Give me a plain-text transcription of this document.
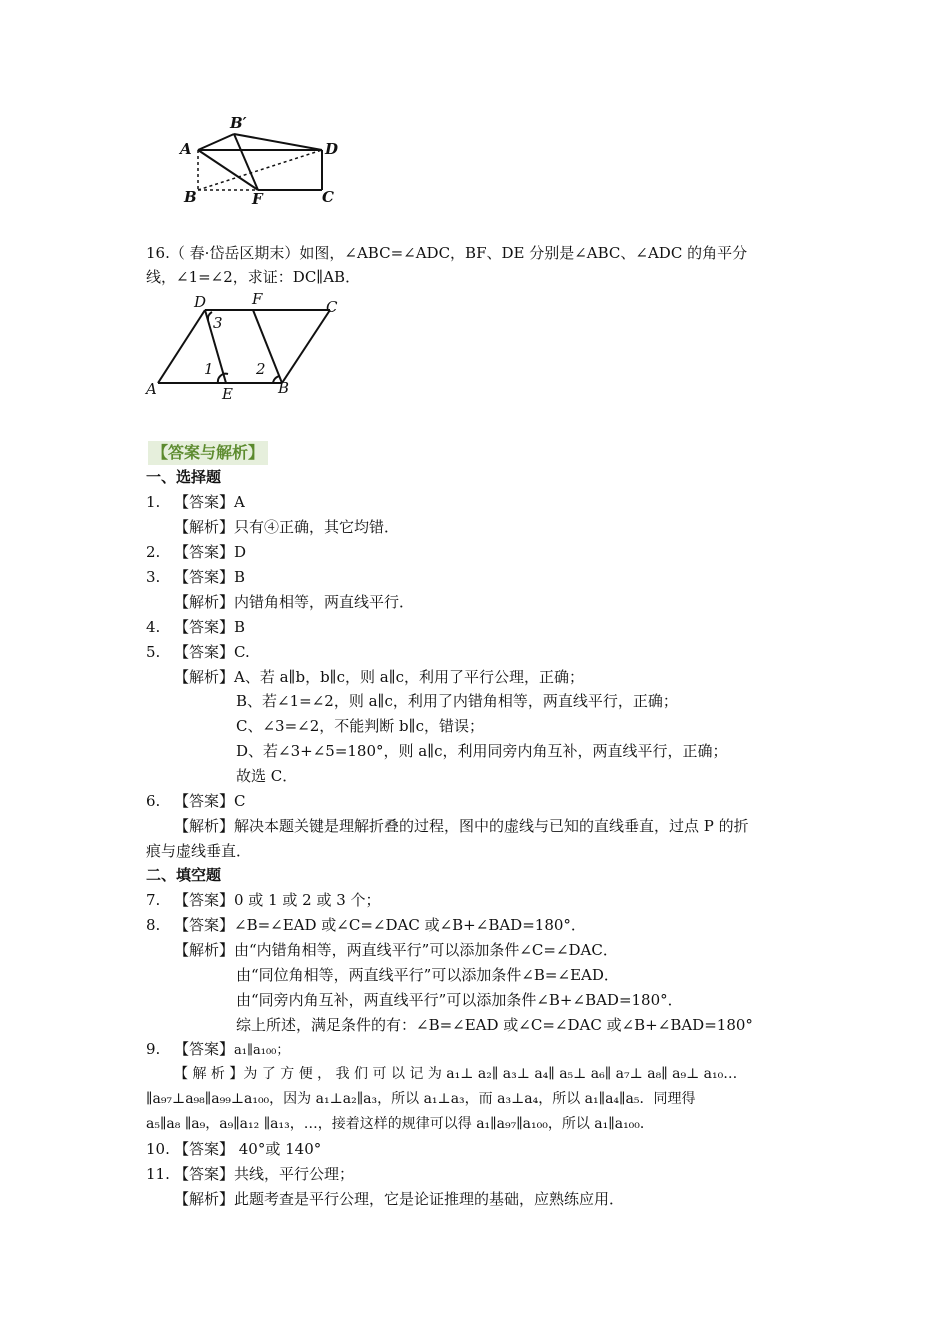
B′
A	D
B	F	C
16.（ 春·岱岳区期末）如图，∠ABC=∠ADC，BF、DE 分别是∠ABC、∠ADC 的角平分
线，∠1=∠2，求证：DC∥AB．
D	F	C
3
1	2
A	E	B
【答案与解析】
一、选择题
1. 【答案】A
【解析】只有④正确，其它均错．
2. 【答案】D
3. 【答案】B
【解析】内错角相等，两直线平行．
4. 【答案】B
5. 【答案】C.
【解析】A、若 a∥b，b∥c，则 a∥c，利用了平行公理，正确；
B、若∠1=∠2，则 a∥c，利用了内错角相等，两直线平行，正确；
C、∠3=∠2，不能判断 b∥c，错误；
D、若∠3+∠5=180°，则 a∥c，利用同旁内角互补，两直线平行，正确；
故选 C．
6. 【答案】C
【解析】解决本题关键是理解折叠的过程，图中的虚线与已知的直线垂直，过点 P 的折
痕与虚线垂直．
二、填空题
7. 【答案】0 或 1 或 2 或 3 个；
8. 【答案】∠B=∠EAD 或∠C=∠DAC 或∠B+∠BAD=180°．
【解析】由“内错角相等，两直线平行”可以添加条件∠C=∠DAC．
由“同位角相等，两直线平行”可以添加条件∠B=∠EAD．
由“同旁内角互补，两直线平行”可以添加条件∠B+∠BAD=180°．
综上所述，满足条件的有：∠B=∠EAD 或∠C=∠DAC 或∠B+∠BAD=180°
9. 【答案】a₁∥a₁₀₀；
【 解 析 】为 了 方 便 ， 我 们 可 以 记 为 a₁⊥ a₂∥ a₃⊥ a₄∥ a₅⊥ a₆∥ a₇⊥ a₈∥ a₉⊥ a₁₀…
∥a₉₇⊥a₉₈∥a₉₉⊥a₁₀₀，因为 a₁⊥a₂∥a₃，所以 a₁⊥a₃，而 a₃⊥a₄，所以 a₁∥a₄∥a₅．同理得
a₅∥a₈ ∥a₉，a₉∥a₁₂ ∥a₁₃，…，接着这样的规律可以得 a₁∥a₉₇∥a₁₀₀，所以 a₁∥a₁₀₀．
10. 【答案】 40°或 140°
11. 【答案】共线，平行公理；
【解析】此题考查是平行公理，它是论证推理的基础，应熟练应用．
